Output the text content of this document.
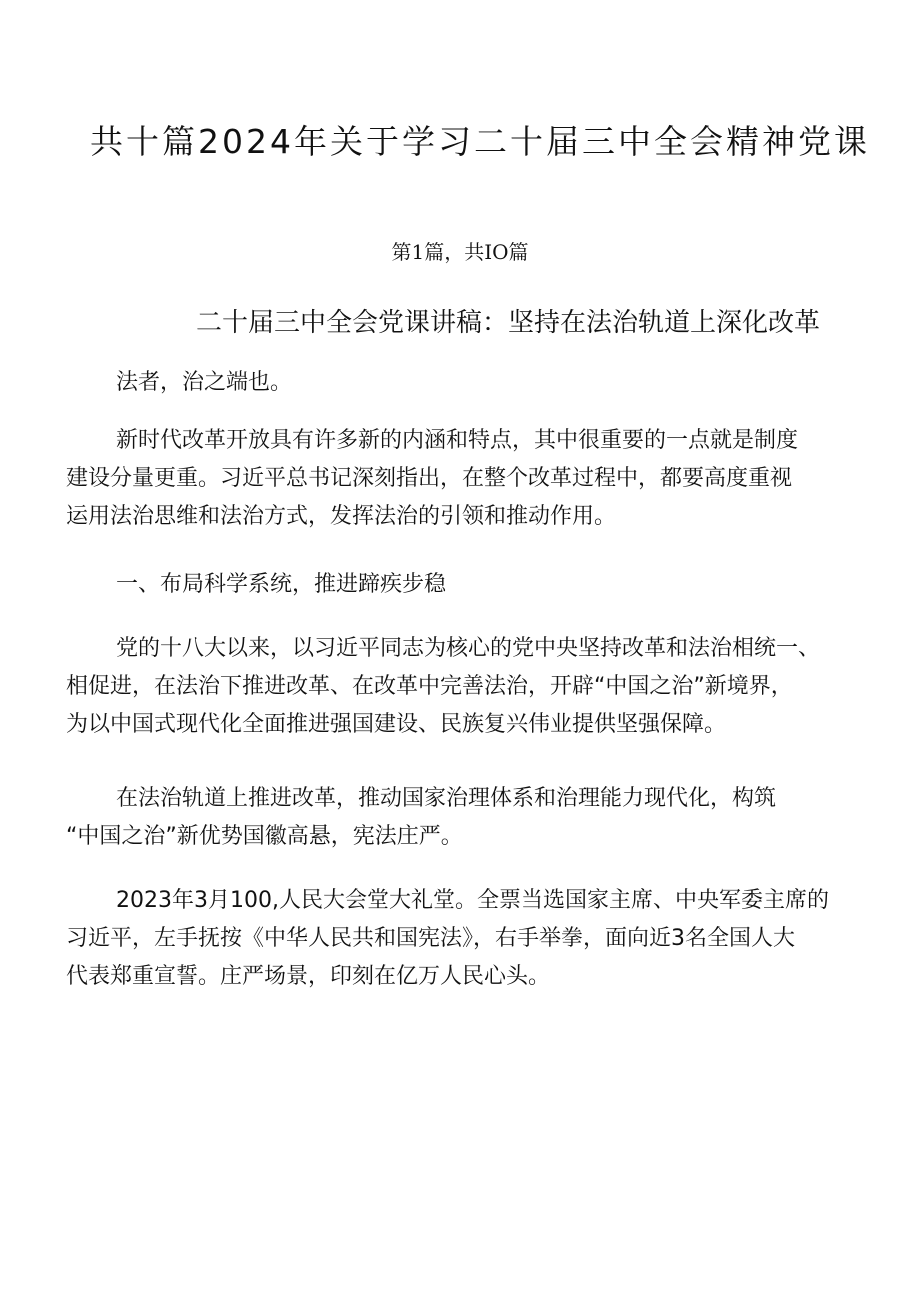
共十篇2024年关于学习二十届三中全会精神党课

第1篇，共IO篇

二十届三中全会党课讲稿：坚持在法治轨道上深化改革

法者，治之端也。

新时代改革开放具有许多新的内涵和特点，其中很重要的一点就是制度
建设分量更重。习近平总书记深刻指出，在整个改革过程中，都要高度重视
运用法治思维和法治方式，发挥法治的引领和推动作用。

一、布局科学系统，推进蹄疾步稳

党的十八大以来，以习近平同志为核心的党中央坚持改革和法治相统一、
相促进，在法治下推进改革、在改革中完善法治，开辟“中国之治”新境界，
为以中国式现代化全面推进强国建设、民族复兴伟业提供坚强保障。

在法治轨道上推进改革，推动国家治理体系和治理能力现代化，构筑
“中国之治”新优势国徽高悬，宪法庄严。

2023年3月100,人民大会堂大礼堂。全票当选国家主席、中央军委主席的
习近平，左手抚按《中华人民共和国宪法》，右手举拳，面向近3名全国人大
代表郑重宣誓。庄严场景，印刻在亿万人民心头。
